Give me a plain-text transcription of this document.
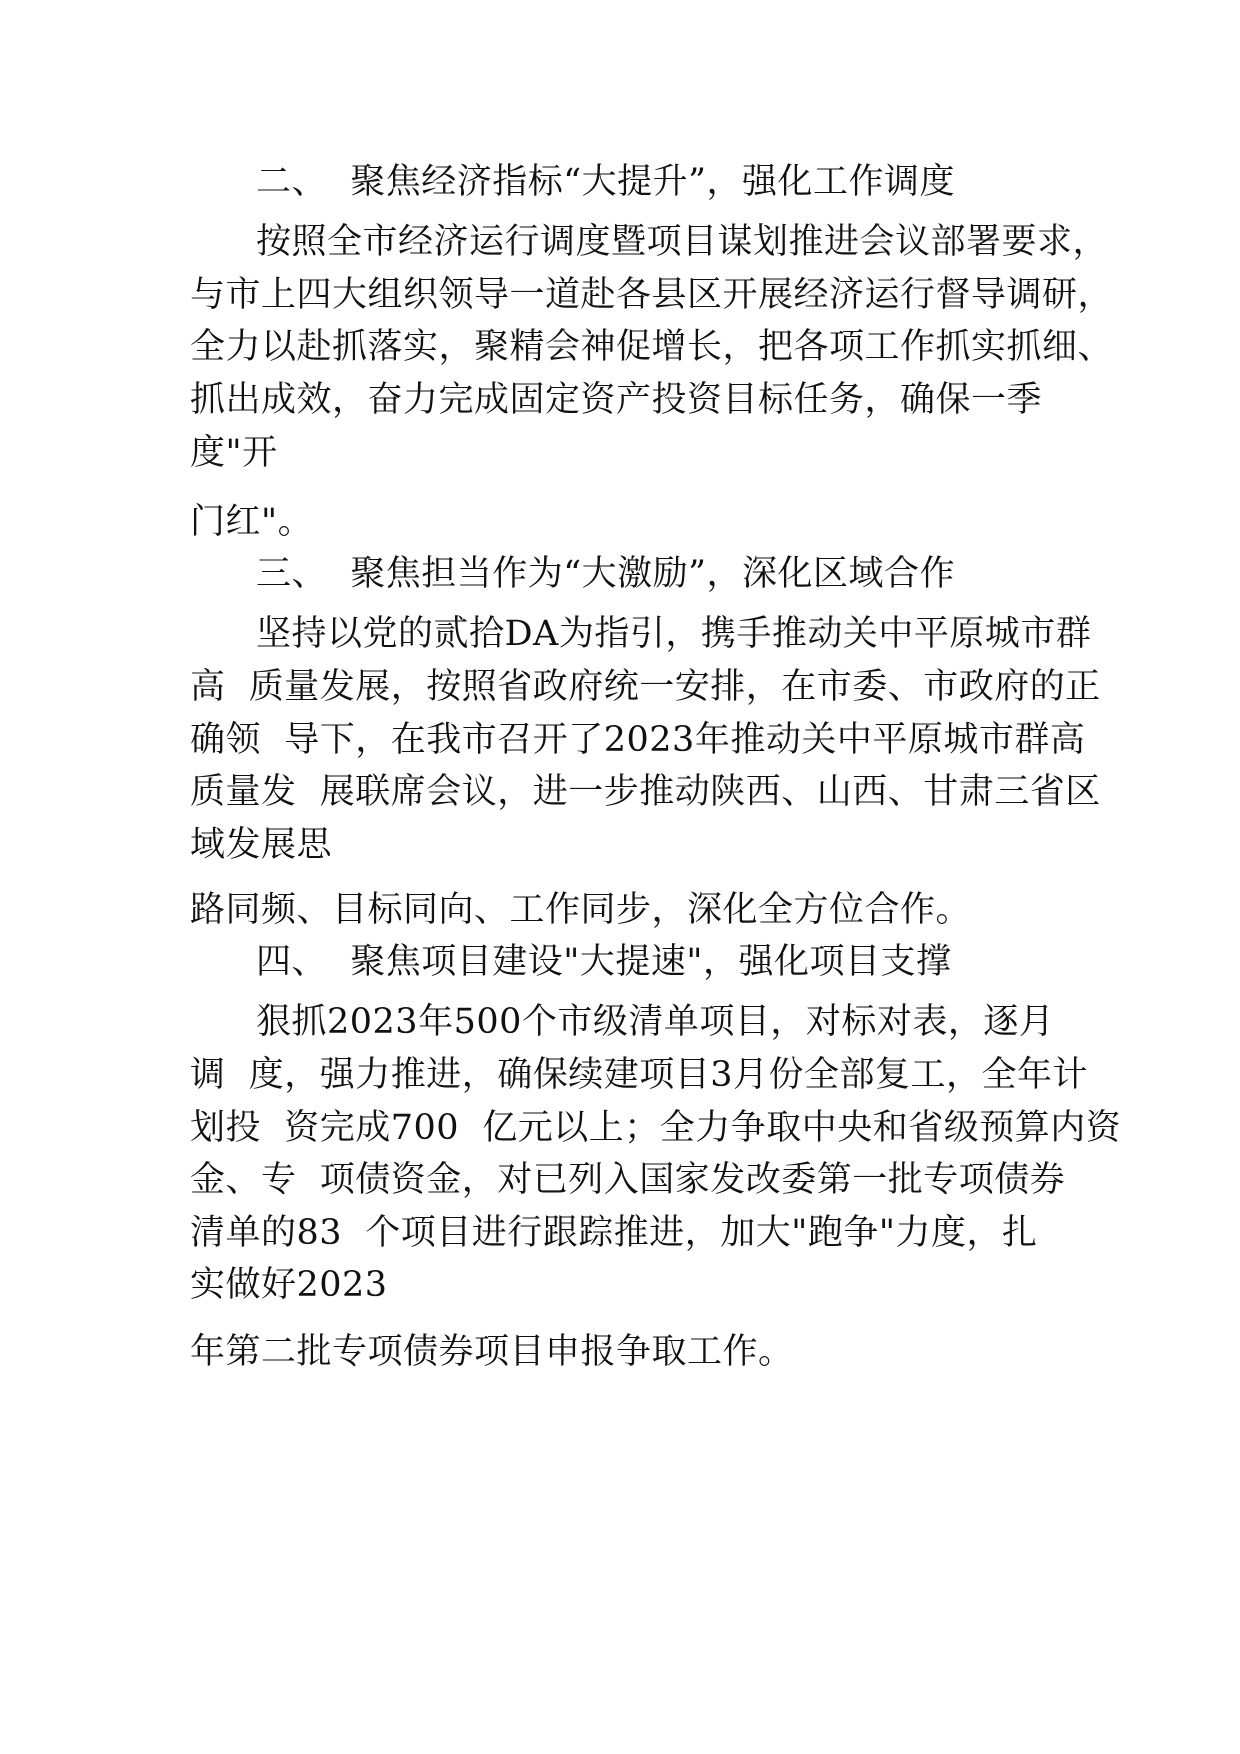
二、  聚焦经济指标“大提升”，强化工作调度
按照全市经济运行调度暨项目谋划推进会议部署要求，
与市上四大组织领导一道赴各县区开展经济运行督导调研，
全力以赴抓落实，聚精会神促增长，把各项工作抓实抓细、
抓出成效，奋力完成固定资产投资目标任务，确保一季
度"开
门红"。
三、  聚焦担当作为“大激励”，深化区域合作
坚持以党的贰拾DA为指引，携手推动关中平原城市群
高  质量发展，按照省政府统一安排，在市委、市政府的正
确领  导下，在我市召开了2023年推动关中平原城市群高
质量发  展联席会议，进一步推动陕西、山西、甘肃三省区
域发展思
路同频、目标同向、工作同步，深化全方位合作。
四、  聚焦项目建设"大提速"，强化项目支撑
狠抓2023年500个市级清单项目，对标对表，逐月
调  度，强力推进，确保续建项目3月份全部复工，全年计
划投  资完成700  亿元以上；全力争取中央和省级预算内资
金、专  项债资金，对已列入国家发改委第一批专项债券
清单的83  个项目进行跟踪推进，加大"跑争"力度，扎
实做好2023
年第二批专项债券项目申报争取工作。
